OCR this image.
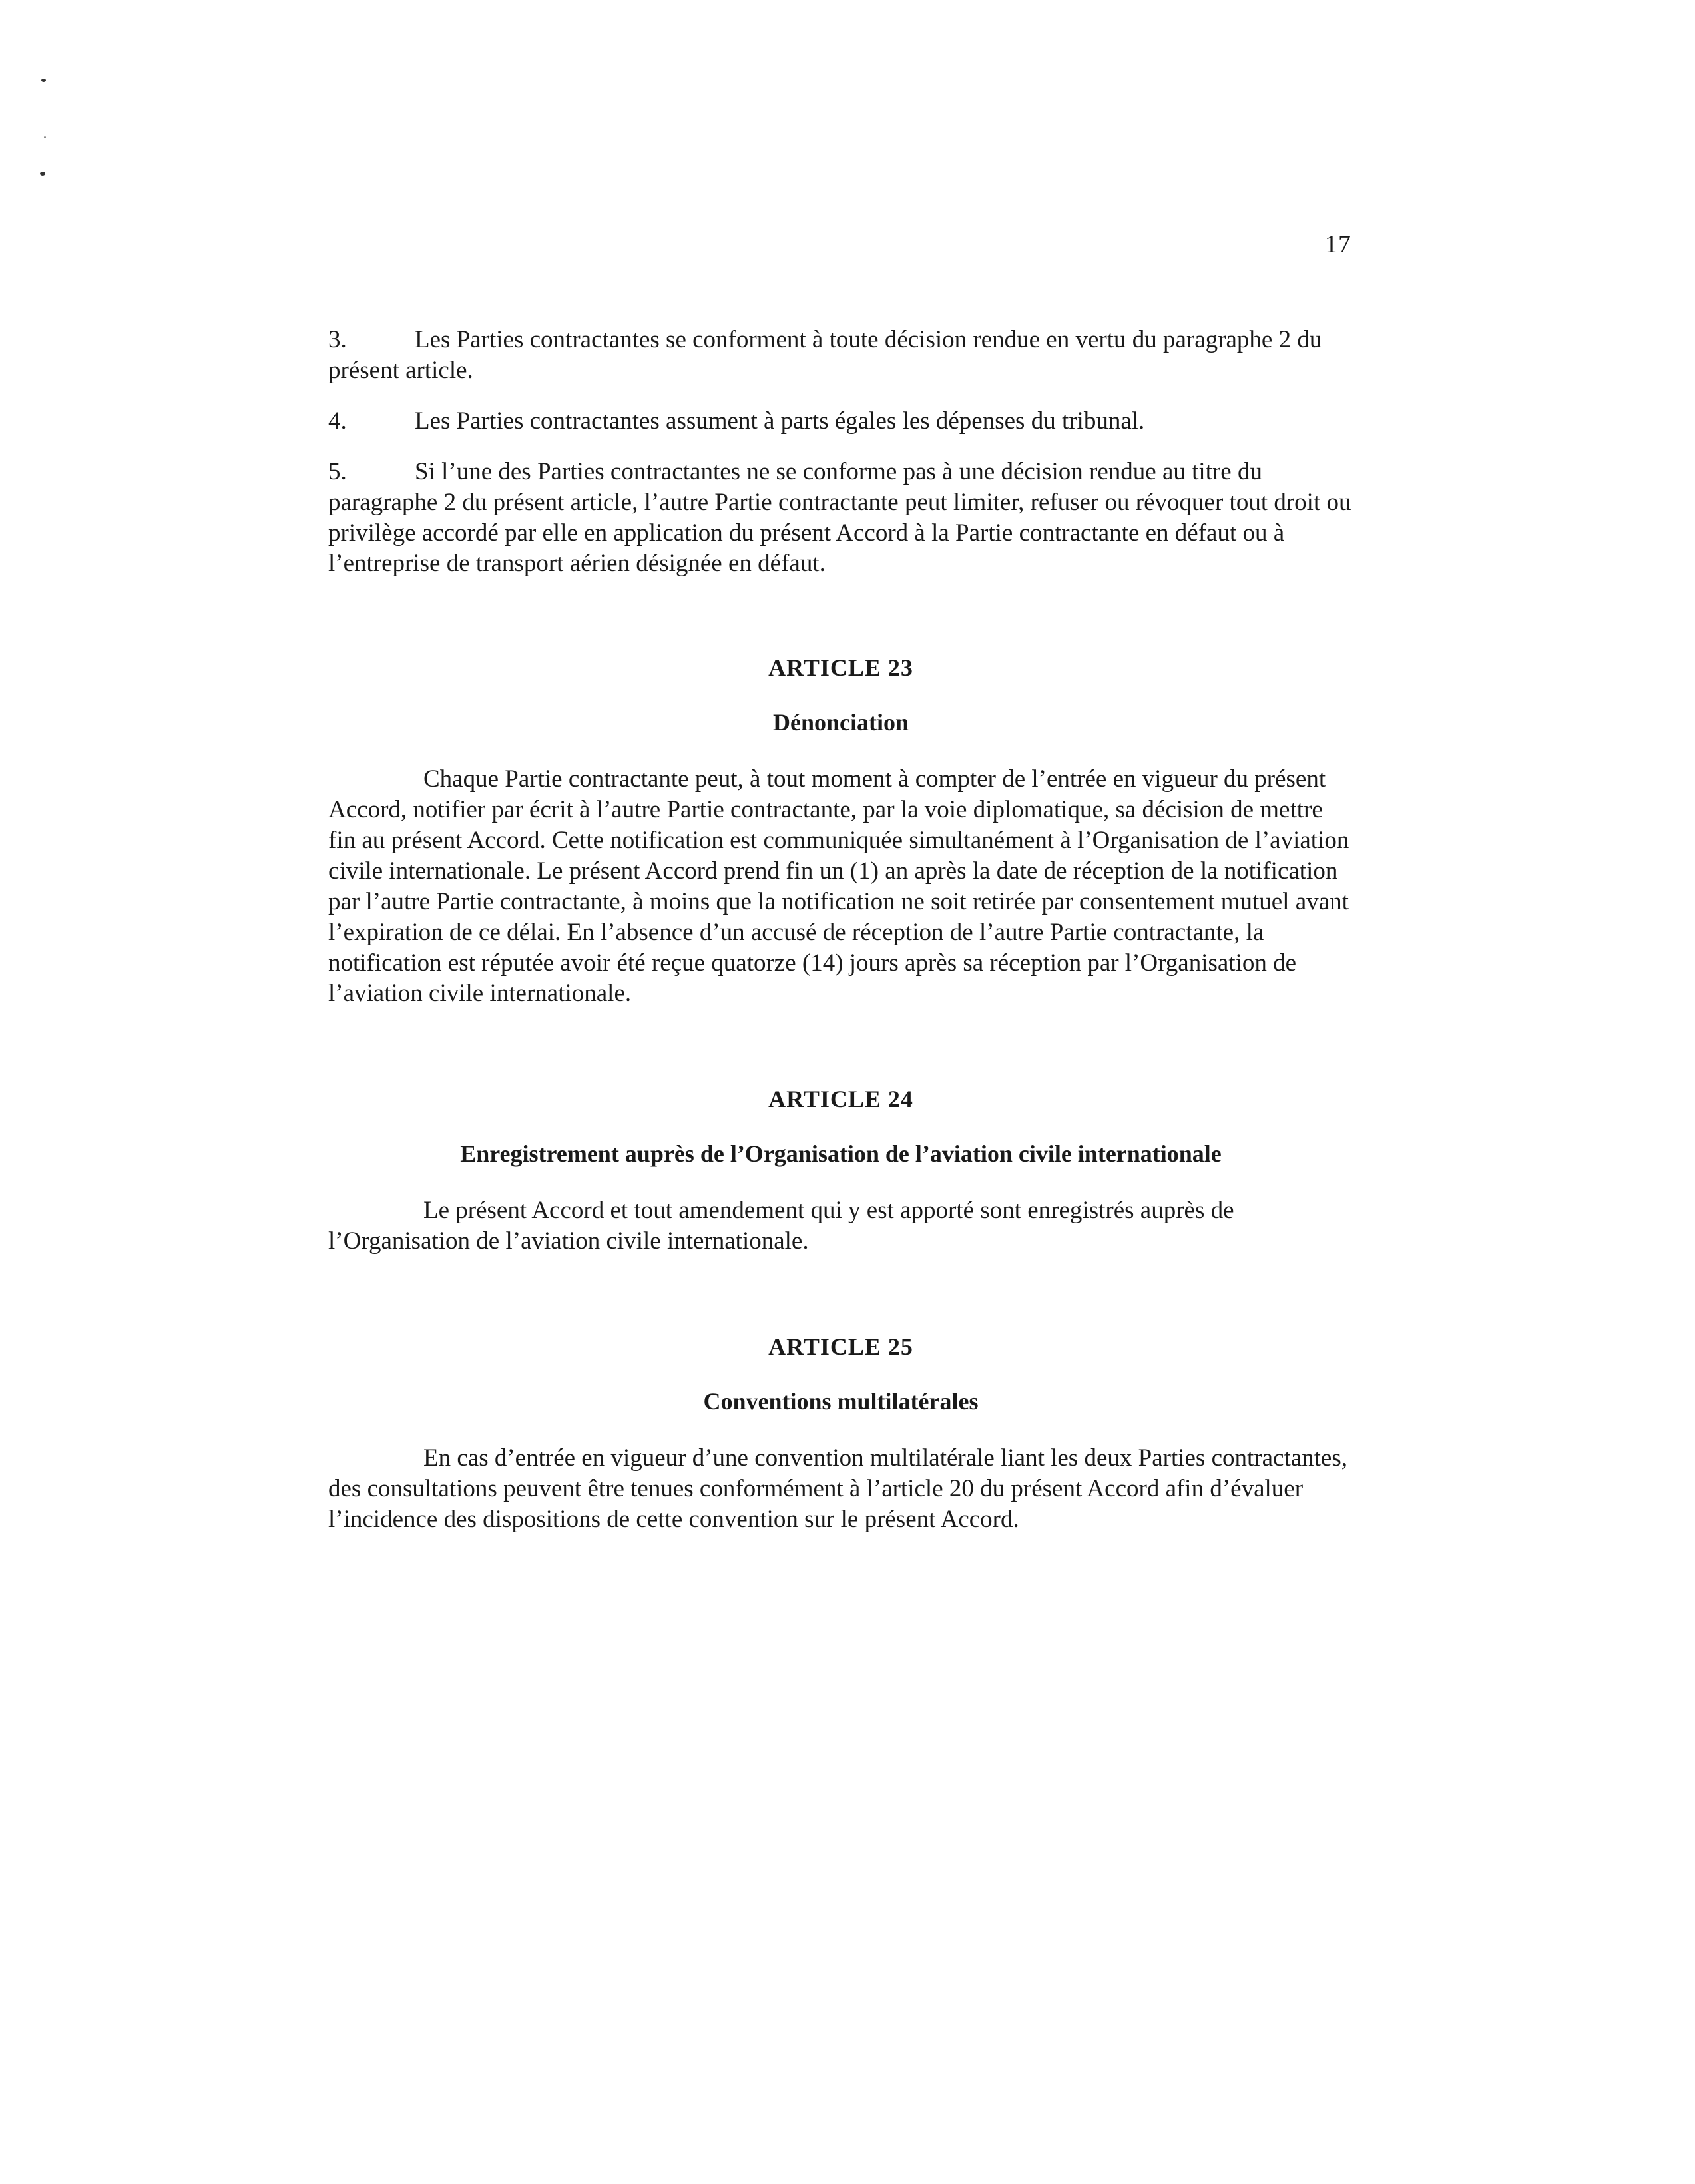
17

3.	Les Parties contractantes se conforment à toute décision rendue en vertu du paragraphe 2 du présent article.

4.	Les Parties contractantes assument à parts égales les dépenses du tribunal.

5.	Si l’une des Parties contractantes ne se conforme pas à une décision rendue au titre du paragraphe 2 du présent article, l’autre Partie contractante peut limiter, refuser ou révoquer tout droit ou privilège accordé par elle en application du présent Accord à la Partie contractante en défaut ou à l’entreprise de transport aérien désignée en défaut.

ARTICLE 23

Dénonciation

Chaque Partie contractante peut, à tout moment à compter de l’entrée en vigueur du présent Accord, notifier par écrit à l’autre Partie contractante, par la voie diplomatique, sa décision de mettre fin au présent Accord. Cette notification est communiquée simultanément à l’Organisation de l’aviation civile internationale. Le présent Accord prend fin un (1) an après la date de réception de la notification par l’autre Partie contractante, à moins que la notification ne soit retirée par consentement mutuel avant l’expiration de ce délai. En l’absence d’un accusé de réception de l’autre Partie contractante, la notification est réputée avoir été reçue quatorze (14) jours après sa réception par l’Organisation de l’aviation civile internationale.

ARTICLE 24

Enregistrement auprès de l’Organisation de l’aviation civile internationale

Le présent Accord et tout amendement qui y est apporté sont enregistrés auprès de l’Organisation de l’aviation civile internationale.

ARTICLE 25

Conventions multilatérales

En cas d’entrée en vigueur d’une convention multilatérale liant les deux Parties contractantes, des consultations peuvent être tenues conformément à l’article 20 du présent Accord afin d’évaluer l’incidence des dispositions de cette convention sur le présent Accord.
